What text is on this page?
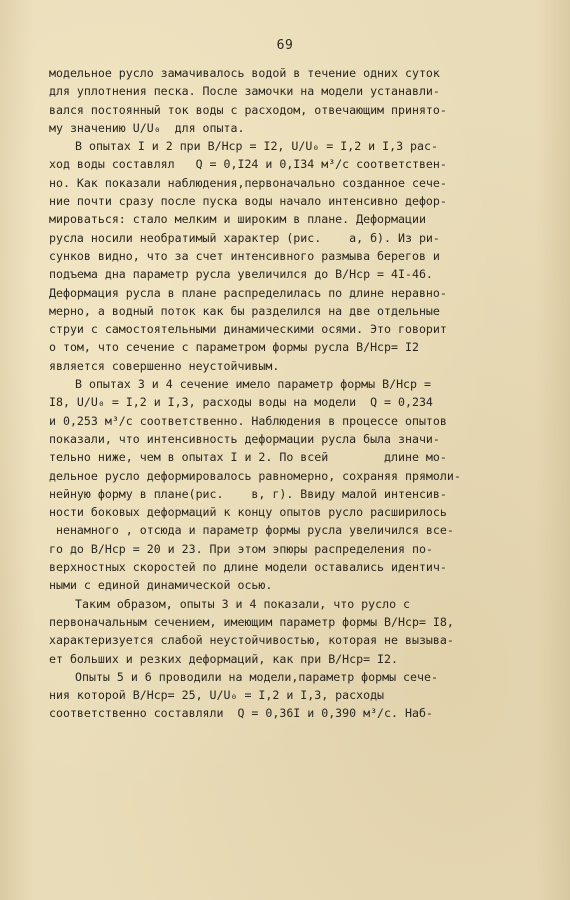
69
модельное русло замачивалось водой в течение одних суток
для уплотнения песка. После замочки на модели устанавли-
вался постоянный ток воды с расходом, отвечающим принято-
му значению U/U₀  для опыта.
В опытах I и 2 при B/Hср = I2, U/U₀ = I,2 и I,3 рас-
ход воды составлял   Q = 0,I24 и 0,I34 м³/с соответствен-
но. Как показали наблюдения,первоначально созданное сече-
ние почти сразу после пуска воды начало интенсивно дефор-
мироваться: стало мелким и широким в плане. Деформации
русла носили необратимый характер (рис.    а, б). Из ри-
сунков видно, что за счет интенсивного размыва берегов и
подъема дна параметр русла увеличился до B/Hср = 4I-46.
Деформация русла в плане распределилась по длине неравно-
мерно, а водный поток как бы разделился на две отдельные
струи с самостоятельными динамическими осями. Это говорит
о том, что сечение с параметром формы русла B/Hср= I2
является совершенно неустойчивым.
В опытах 3 и 4 сечение имело параметр формы B/Hср =
I8, U/U₀ = I,2 и I,3, расходы воды на модели  Q = 0,234
и 0,253 м³/с соответственно. Наблюдения в процессе опытов
показали, что интенсивность деформации русла была значи-
тельно ниже, чем в опытах I и 2. По всей        длине мо-
дельное русло деформировалось равномерно, сохраняя прямоли-
нейную форму в плане(рис.    в, г). Ввиду малой интенсив-
ности боковых деформаций к концу опытов русло расширилось
ненамного , отсюда и параметр формы русла увеличился все-
го до B/Hср = 20 и 23. При этом эпюры распределения по-
верхностных скоростей по длине модели оставались идентич-
ными с единой динамической осью.
Таким образом, опыты 3 и 4 показали, что русло с
первоначальным сечением, имеющим параметр формы B/Hср= I8,
характеризуется слабой неустойчивостью, которая не вызыва-
ет больших и резких деформаций, как при B/Hср= I2.
Опыты 5 и 6 проводили на модели,параметр формы сече-
ния которой B/Hср= 25, U/U₀ = I,2 и I,3, расходы
соответственно составляли  Q = 0,36I и 0,390 м³/с. Наб-
